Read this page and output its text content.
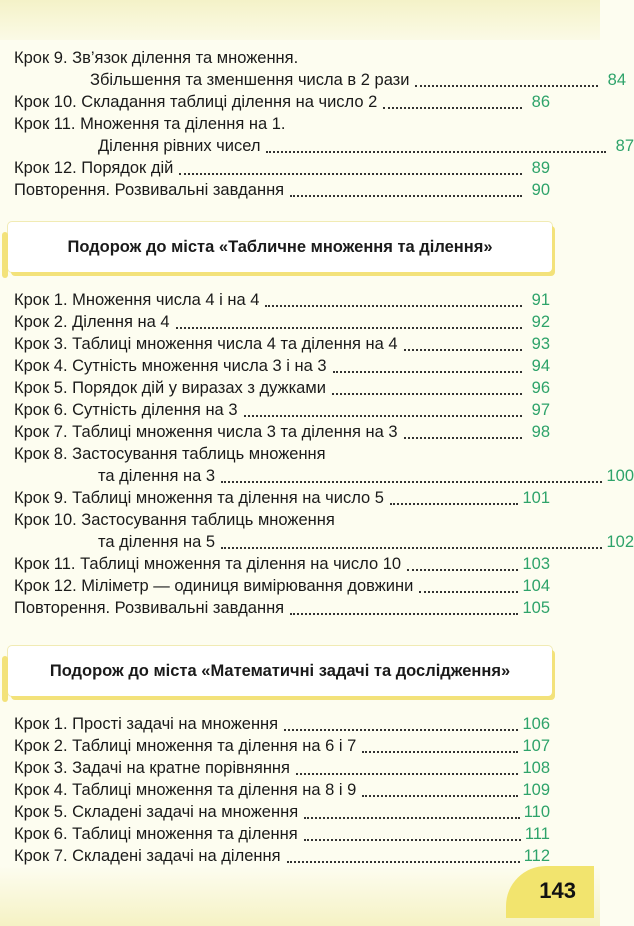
Крок 9. Зв’язок ділення та множення.
Збільшення та зменшення числа в 2 рази	84
Крок 10. Складання таблиці ділення на число 2	86
Крок 11. Множення та ділення на 1.
Ділення рівних чисел	87
Крок 12. Порядок дій	89
Повторення. Розвивальні завдання	90
Подорож до міста «Табличне множення та ділення»
Крок 1. Множення числа 4 і на 4	91
Крок 2. Ділення на 4	92
Крок 3. Таблиці множення числа 4 та ділення на 4	93
Крок 4. Сутність множення числа 3 і на 3	94
Крок 5. Порядок дій у виразах з дужками	96
Крок 6. Сутність ділення на 3	97
Крок 7. Таблиці множення числа 3 та ділення на 3	98
Крок 8. Застосування таблиць множення
та ділення на 3	100
Крок 9. Таблиці множення та ділення на число 5	101
Крок 10. Застосування таблиць множення
та ділення на 5	102
Крок 11. Таблиці множення та ділення на число 10	103
Крок 12. Міліметр — одиниця вимірювання довжини	104
Повторення. Розвивальні завдання	105
Подорож до міста «Математичні задачі та дослідження»
Крок 1. Прості задачі на множення	106
Крок 2. Таблиці множення та ділення на 6 і 7	107
Крок 3. Задачі на кратне порівняння	108
Крок 4. Таблиці множення та ділення на 8 і 9	109
Крок 5. Складені задачі на множення	110
Крок 6. Таблиці множення та ділення	111
Крок 7. Складені задачі на ділення	112
143
